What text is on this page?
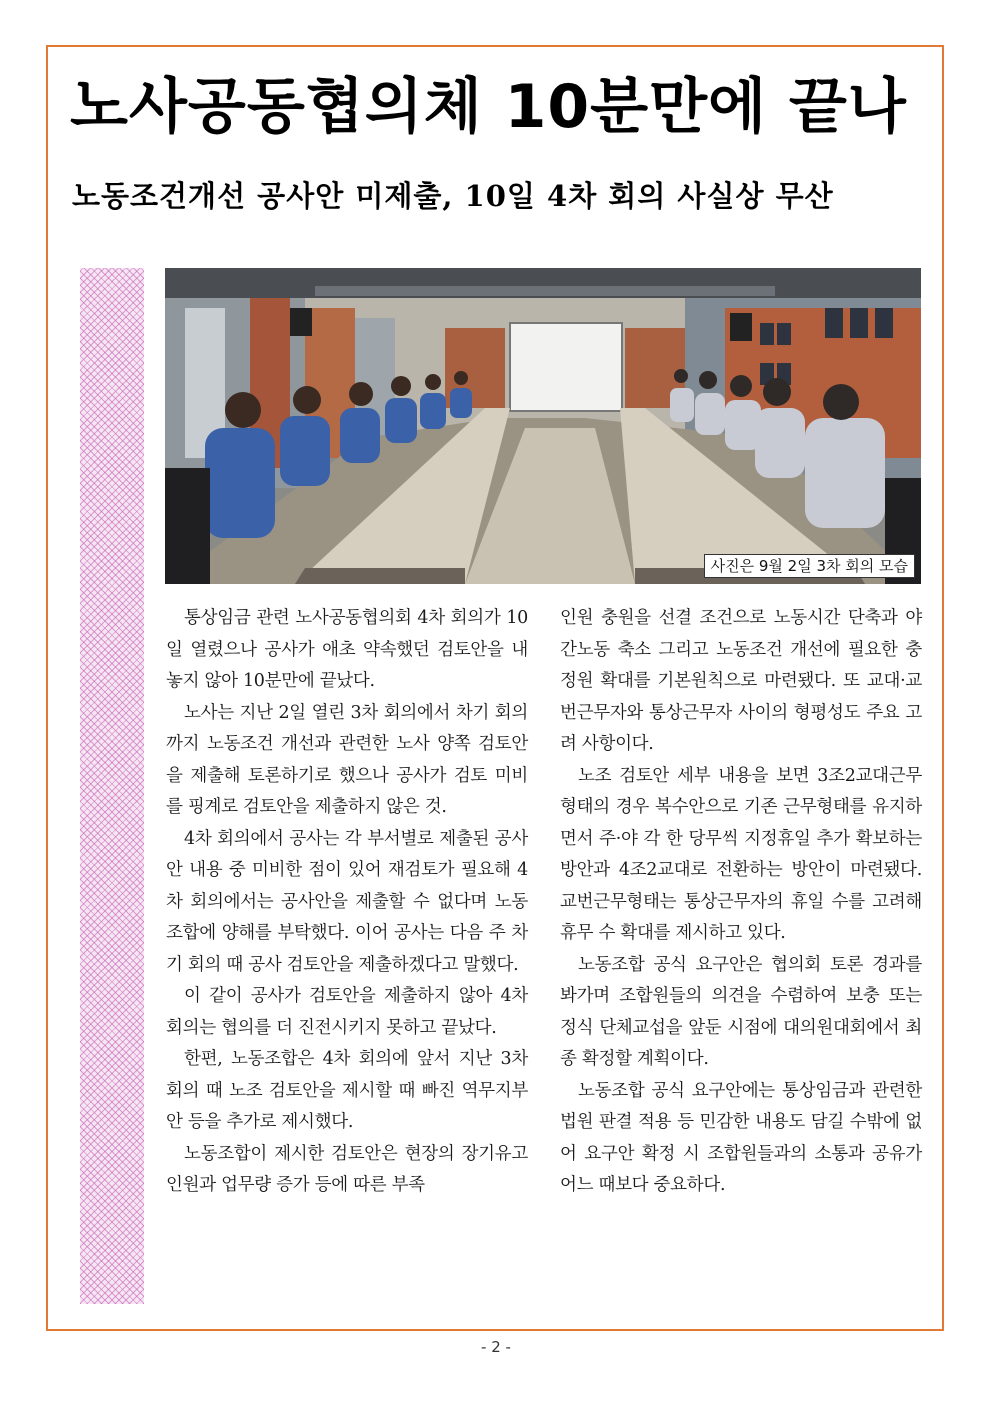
노사공동협의체 10분만에 끝나
노동조건개선 공사안 미제출, 10일 4차 회의 사실상 무산
사진은 9월 2일 3차 회의 모습

통상임금 관련 노사공동협의회 4차 회의가 10일 열렸으나 공사가 애초 약속했던 검토안을 내놓지 않아 10분만에 끝났다.

노사는 지난 2일 열린 3차 회의에서 차기 회의까지 노동조건 개선과 관련한 노사 양쪽 검토안을 제출해 토론하기로 했으나 공사가 검토 미비를 핑계로 검토안을 제출하지 않은 것.

4차 회의에서 공사는 각 부서별로 제출된 공사안 내용 중 미비한 점이 있어 재검토가 필요해 4차 회의에서는 공사안을 제출할 수 없다며 노동조합에 양해를 부탁했다. 이어 공사는 다음 주 차기 회의 때 공사 검토안을 제출하겠다고 말했다.

이 같이 공사가 검토안을 제출하지 않아 4차 회의는 협의를 더 진전시키지 못하고 끝났다.

한편, 노동조합은 4차 회의에 앞서 지난 3차 회의 때 노조 검토안을 제시할 때 빠진 역무지부안 등을 추가로 제시했다.

노동조합이 제시한 검토안은 현장의 장기유고인원과 업무량 증가 등에 따른 부족

인원 충원을 선결 조건으로 노동시간 단축과 야간노동 축소 그리고 노동조건 개선에 필요한 충정원 확대를 기본원칙으로 마련됐다. 또 교대·교번근무자와 통상근무자 사이의 형평성도 주요 고려 사항이다.

노조 검토안 세부 내용을 보면 3조2교대근무형태의 경우 복수안으로 기존 근무형태를 유지하면서 주·야 각 한 당무씩 지정휴일 추가 확보하는 방안과 4조2교대로 전환하는 방안이 마련됐다. 교번근무형태는 통상근무자의 휴일 수를 고려해 휴무 수 확대를 제시하고 있다.

노동조합 공식 요구안은 협의회 토론 경과를 봐가며 조합원들의 의견을 수렴하여 보충 또는 정식 단체교섭을 앞둔 시점에 대의원대회에서 최종 확정할 계획이다.

노동조합 공식 요구안에는 통상임금과 관련한 법원 판결 적용 등 민감한 내용도 담길 수밖에 없어 요구안 확정 시 조합원들과의 소통과 공유가 어느 때보다 중요하다.

- 2 -
